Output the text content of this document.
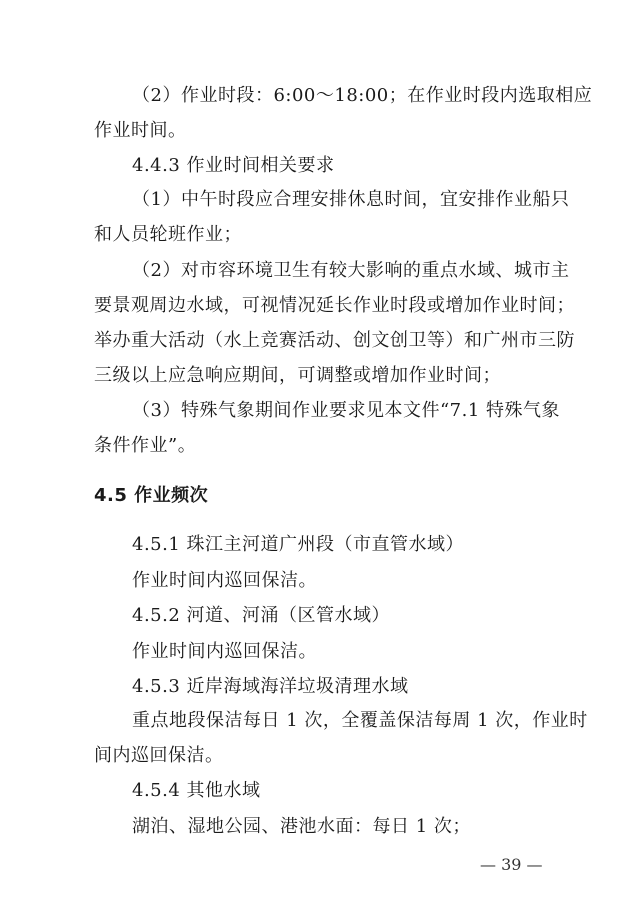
（2）作业时段：6:00～18:00；在作业时段内选取相应
作业时间。
4.4.3 作业时间相关要求
（1）中午时段应合理安排休息时间，宜安排作业船只
和人员轮班作业；
（2）对市容环境卫生有较大影响的重点水域、城市主
要景观周边水域，可视情况延长作业时段或增加作业时间；
举办重大活动（水上竞赛活动、创文创卫等）和广州市三防
三级以上应急响应期间，可调整或增加作业时间；
（3）特殊气象期间作业要求见本文件“7.1 特殊气象
条件作业”。
4.5 作业频次
4.5.1 珠江主河道广州段（市直管水域）
作业时间内巡回保洁。
4.5.2 河道、河涌（区管水域）
作业时间内巡回保洁。
4.5.3 近岸海域海洋垃圾清理水域
重点地段保洁每日 1 次，全覆盖保洁每周 1 次，作业时
间内巡回保洁。
4.5.4 其他水域
湖泊、湿地公园、港池水面：每日 1 次；
— 39 —
